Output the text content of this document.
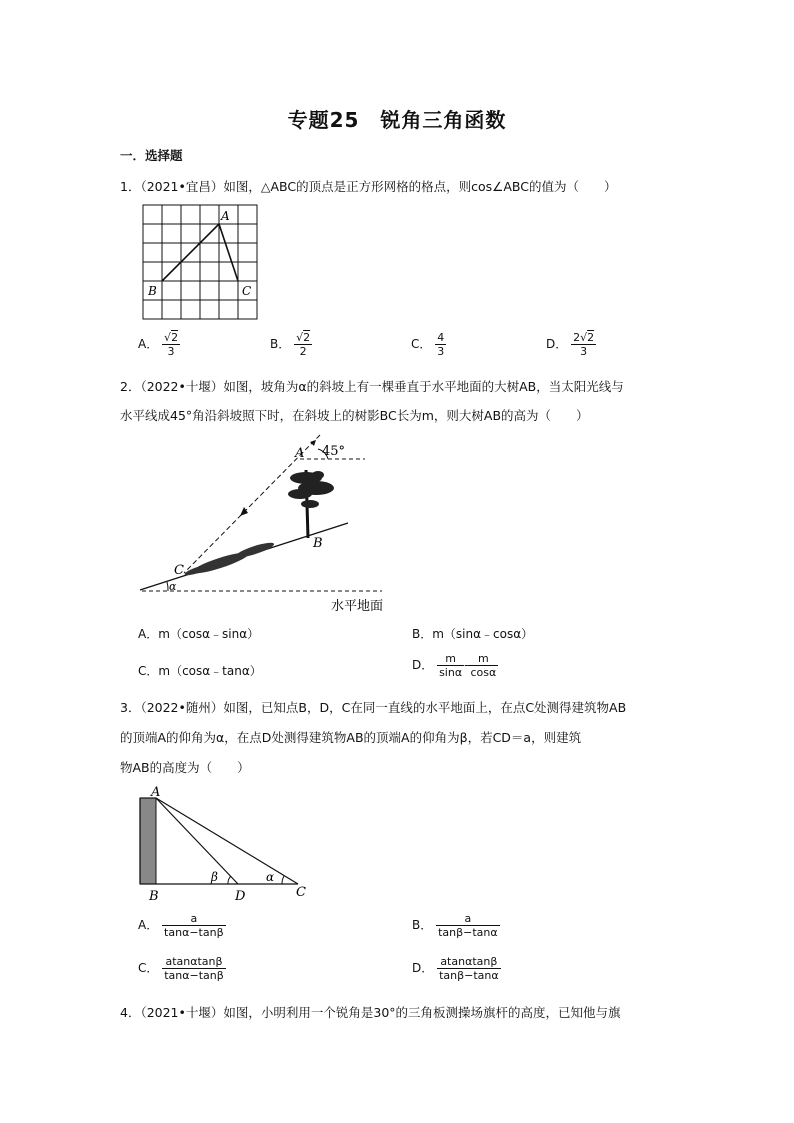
专题25　锐角三角函数
一．选择题
1．（2021•宜昌）如图，△ABC的顶点是正方形网格的格点，则cos∠ABC的值为（　　）
A
B	C
A． $\frac{√2}{3}$	B． $\frac{√2}{2}$	C． $\frac{4}{3}$	D． $\frac{2√2}{3}$
2．（2022•十堰）如图，坡角为α的斜坡上有一棵垂直于水平地面的大树AB，当太阳光线与
水平线成45°角沿斜坡照下时，在斜坡上的树影BC长为m，则大树AB的高为（　　）
A 45°
B
C
α
水平地面
A．m（cosα﹣sinα）	B．m（sinα﹣cosα）
C．m（cosα﹣tanα）	D． $\frac{m}{\sin\alpha} - \frac{m}{\cos\alpha}$
3．（2022•随州）如图，已知点B，D，C在同一直线的水平地面上，在点C处测得建筑物AB
的顶端A的仰角为α，在点D处测得建筑物AB的顶端A的仰角为β，若CD＝a，则建筑
物AB的高度为（　　）
A
B	D	C
β	α
A． $\frac{a}{\tan\alpha-\tan\beta}$	B． $\frac{a}{\tan\beta-\tan\alpha}$
C． $\frac{atan\alpha\tan\beta}{\tan\alpha-\tan\beta}$	D． $\frac{atan\alpha\tan\beta}{\tan\beta-\tan\alpha}$
4．（2021•十堰）如图，小明利用一个锐角是30°的三角板测操场旗杆的高度，已知他与旗
